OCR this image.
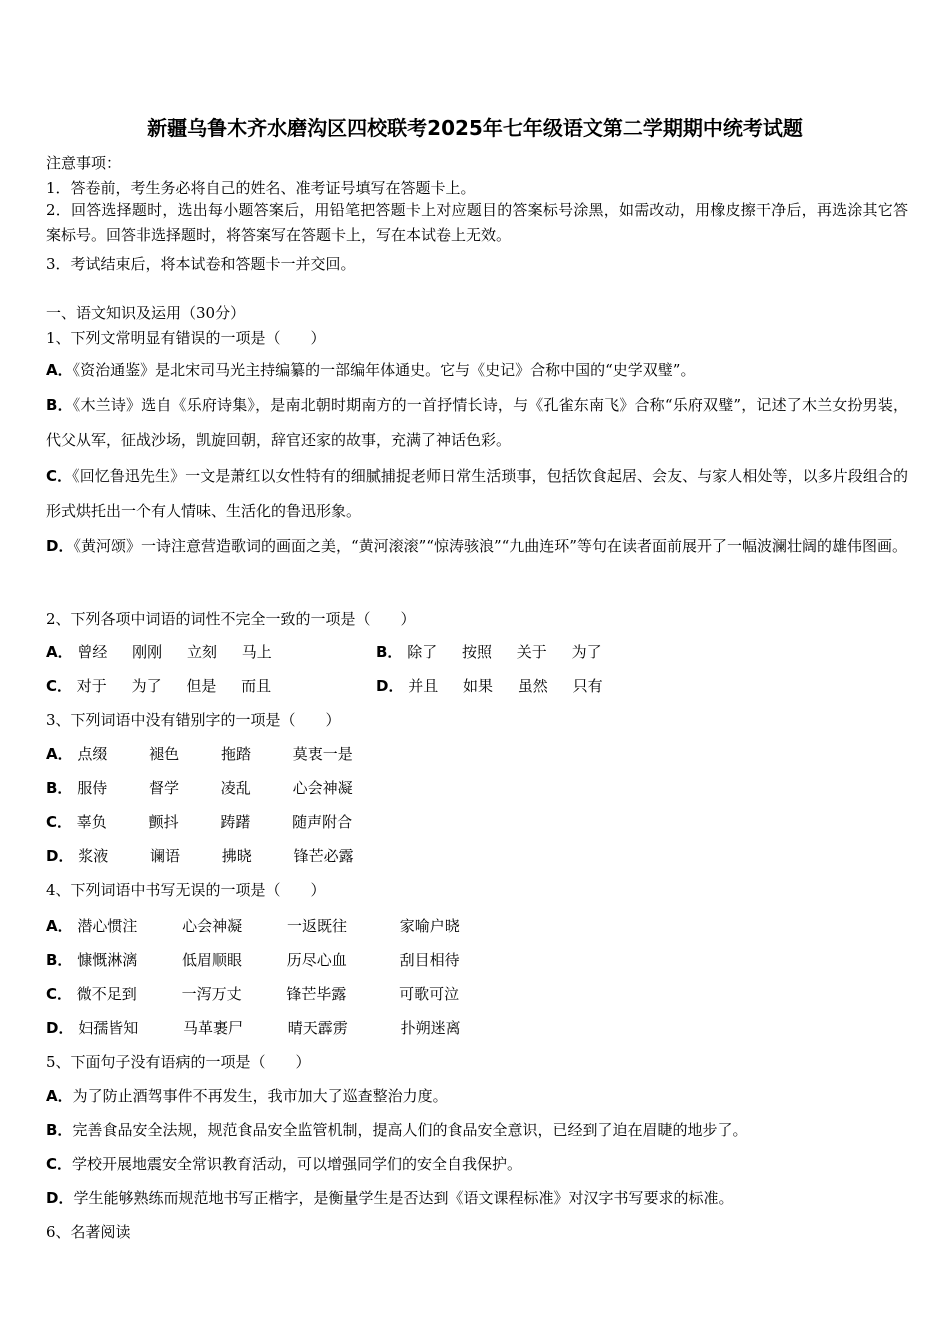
新疆乌鲁木齐水磨沟区四校联考2025年七年级语文第二学期期中统考试题
注意事项：
1．答卷前，考生务必将自己的姓名、准考证号填写在答题卡上。
2．回答选择题时，选出每小题答案后，用铅笔把答题卡上对应题目的答案标号涂黑，如需改动，用橡皮擦干净后，再选涂其它答案标号。回答非选择题时，将答案写在答题卡上，写在本试卷上无效。
3．考试结束后，将本试卷和答题卡一并交回。
一、语文知识及运用（30分）
1、下列文常明显有错误的一项是（　　）
A．《资治通鉴》是北宋司马光主持编纂的一部编年体通史。它与《史记》合称中国的“史学双璧”。
B．《木兰诗》选自《乐府诗集》，是南北朝时期南方的一首抒情长诗，与《孔雀东南飞》合称“乐府双璧”，记述了木兰女扮男装，代父从军，征战沙场，凯旋回朝，辞官还家的故事，充满了神话色彩。
C．《回忆鲁迅先生》一文是萧红以女性特有的细腻捕捉老师日常生活琐事，包括饮食起居、会友、与家人相处等，以多片段组合的形式烘托出一个有人情味、生活化的鲁迅形象。
D．《黄河颂》一诗注意营造歌词的画面之美，“黄河滚滚”“惊涛骇浪”“九曲连环”等句在读者面前展开了一幅波澜壮阔的雄伟图画。
2、下列各项中词语的词性不完全一致的一项是（　　）
A． 曾经 刚刚 立刻 马上	B． 除了 按照 关于 为了
C． 对于 为了 但是 而且	D． 并且 如果 虽然 只有
3、下列词语中没有错别字的一项是（　　）
A． 点缀	褪色	拖踏	莫衷一是
B． 服侍	督学	凌乱	心会神凝
C． 辜负	颤抖	踌躇	随声附合
D． 浆液	谰语	拂晓	锋芒必露
4、下列词语中书写无误的一项是（　　）
A． 潜心惯注	心会神凝	一返既往	家喻户晓
B． 慷慨淋漓	低眉顺眼	历尽心血	刮目相待
C． 微不足到	一泻万丈	锋芒毕露	可歌可泣
D． 妇孺皆知	马革裹尸	晴天霹雳	扑朔迷离
5、下面句子没有语病的一项是（　　）
A．为了防止酒驾事件不再发生，我市加大了巡查整治力度。
B．完善食品安全法规，规范食品安全监管机制，提高人们的食品安全意识，已经到了迫在眉睫的地步了。
C．学校开展地震安全常识教育活动，可以增强同学们的安全自我保护。
D．学生能够熟练而规范地书写正楷字，是衡量学生是否达到《语文课程标准》对汉字书写要求的标准。
6、名著阅读
